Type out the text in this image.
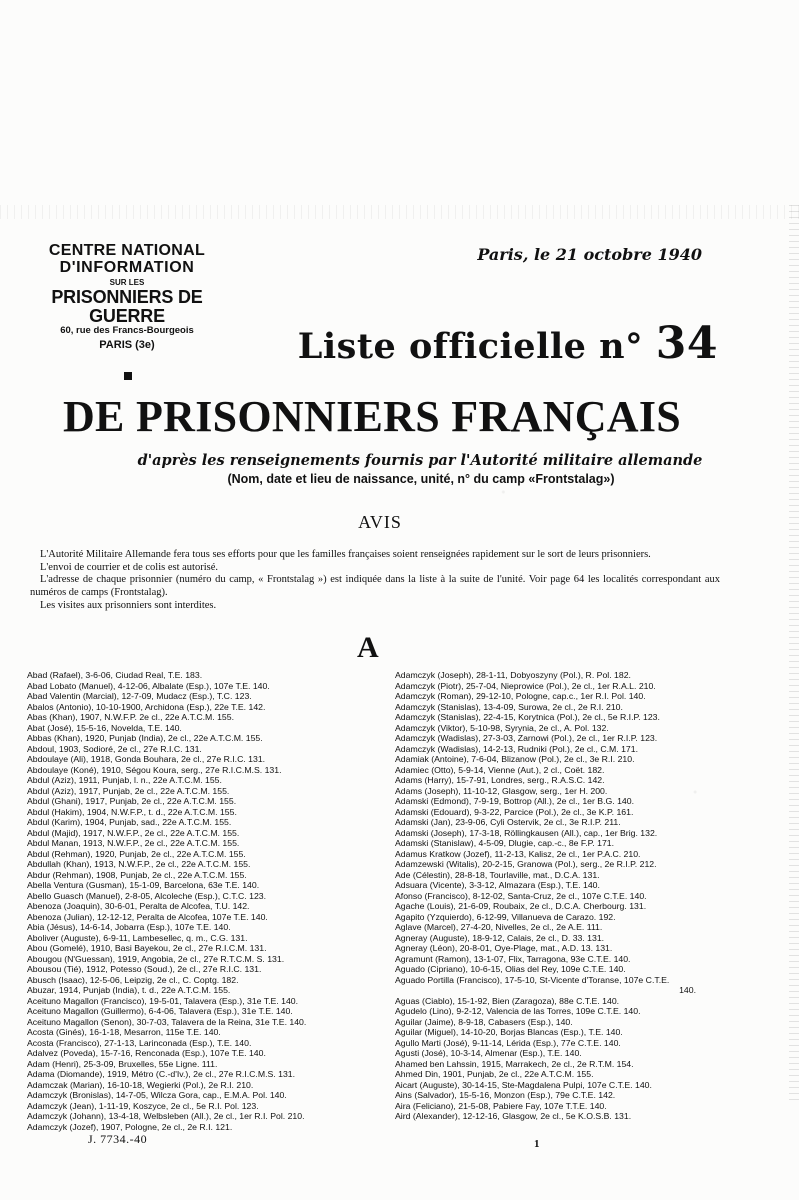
CENTRE NATIONAL
D'INFORMATION
SUR LES
PRISONNIERS DE GUERRE
60, rue des Francs-Bourgeois
PARIS (3e)
Paris, le 21 octobre 1940
Liste officielle n° 34
DE PRISONNIERS FRANÇAIS
d'après les renseignements fournis par l'Autorité militaire allemande
(Nom, date et lieu de naissance, unité, n° du camp «Frontstalag»)
AVIS

L'Autorité Militaire Allemande fera tous ses efforts pour que les familles françaises soient renseignées rapidement sur le sort de leurs prisonniers.

L'envoi de courrier et de colis est autorisé.

L'adresse de chaque prisonnier (numéro du camp, « Frontstalag ») est indiquée dans la liste à la suite de l'unité. Voir page 64 les localités correspondant aux numéros de camps (Frontstalag).

Les visites aux prisonniers sont interdites.

A
Abad (Rafael), 3-6-06, Ciudad Real, T.E. 183.
Abad Lobato (Manuel), 4-12-06, Albalate (Esp.), 107e T.E. 140.
Abad Valentin (Marcial), 12-7-09, Mudacz (Esp.), T.C. 123.
Abalos (Antonio), 10-10-1900, Archidona (Esp.), 22e T.E. 142.
Abas (Khan), 1907, N.W.F.P. 2e cl., 22e A.T.C.M. 155.
Abat (José), 15-5-16, Novelda, T.E. 140.
Abbas (Khan), 1920, Punjab (India), 2e cl., 22e A.T.C.M. 155.
Abdoul, 1903, Sodioré, 2e cl., 27e R.I.C. 131.
Abdoulaye (Ali), 1918, Gonda Bouhara, 2e cl., 27e R.I.C. 131.
Abdoulaye (Koné), 1910, Ségou Koura, serg., 27e R.I.C.M.S. 131.
Abdul (Aziz), 1911, Punjab, l. n., 22e A.T.C.M. 155.
Abdul (Aziz), 1917, Punjab, 2e cl., 22e A.T.C.M. 155.
Abdul (Ghani), 1917, Punjab, 2e cl., 22e A.T.C.M. 155.
Abdul (Hakim), 1904, N.W.F.P., t. d., 22e A.T.C.M. 155.
Abdul (Karim), 1904, Punjab, sad., 22e A.T.C.M. 155.
Abdul (Majid), 1917, N.W.F.P., 2e cl., 22e A.T.C.M. 155.
Abdul Manan, 1913, N.W.F.P., 2e cl., 22e A.T.C.M. 155.
Abdul (Rehman), 1920, Punjab, 2e cl., 22e A.T.C.M. 155.
Abdullah (Khan), 1913, N.W.F.P., 2e cl., 22e A.T.C.M. 155.
Abdur (Rehman), 1908, Punjab, 2e cl., 22e A.T.C.M. 155.
Abella Ventura (Gusman), 15-1-09, Barcelona, 63e T.E. 140.
Abello Guasch (Manuel), 2-8-05, Alcoleche (Esp.), C.T.C. 123.
Abenoza (Joaquin), 30-6-01, Peralta de Alcofea, T.U. 142.
Abenoza (Julian), 12-12-12, Peralta de Alcofea, 107e T.E. 140.
Abia (Jésus), 14-6-14, Jobarra (Esp.), 107e T.E. 140.
Aboliver (Auguste), 6-9-11, Lambesellec, q. m., C.G. 131.
Abou (Gomelé), 1910, Basi Bayekou, 2e cl., 27e R.I.C.M. 131.
Abougou (N'Guessan), 1919, Angobia, 2e cl., 27e R.T.C.M. S. 131.
Abousou (Tié), 1912, Potesso (Soud.), 2e cl., 27e R.I.C. 131.
Abusch (Isaac), 12-5-06, Leipzig, 2e cl., C. Coptg. 182.
Abuzar, 1914, Punjab (India), t. d., 22e A.T.C.M. 155.
Aceituno Magallon (Francisco), 19-5-01, Talavera (Esp.), 31e T.E. 140.
Aceituno Magallon (Guillermo), 6-4-06, Talavera (Esp.), 31e T.E. 140.
Aceituno Magallon (Senon), 30-7-03, Talavera de la Reina, 31e T.E. 140.
Acosta (Ginés), 16-1-18, Mesarron, 115e T.E. 140.
Acosta (Francisco), 27-1-13, Larinconada (Esp.), T.E. 140.
Adalvez (Poveda), 15-7-16, Renconada (Esp.), 107e T.E. 140.
Adam (Henri), 25-3-09, Bruxelles, 55e Ligne. 111.
Adama (Diomande), 1919, Métro (C.-d'Iv.), 2e cl., 27e R.I.C.M.S. 131.
Adamczak (Marian), 16-10-18, Wegierki (Pol.), 2e R.I. 210.
Adamczyk (Bronislas), 14-7-05, Wilcza Gora, cap., E.M.A. Pol. 140.
Adamczyk (Jean), 1-11-19, Koszyce, 2e cl., 5e R.I. Pol. 123.
Adamczyk (Johann), 13-4-18, Welbsleben (All.), 2e cl., 1er R.I. Pol. 210.
Adamczyk (Jozef), 1907, Pologne, 2e cl., 2e R.I. 121.
Adamczyk (Joseph), 28-1-11, Dobyoszyny (Pol.), R. Pol. 182.
Adamczyk (Piotr), 25-7-04, Nieprowice (Pol.), 2e cl., 1er R.A.L. 210.
Adamczyk (Roman), 29-12-10, Pologne, cap.c., 1er R.I. Pol. 140.
Adamczyk (Stanislas), 13-4-09, Surowa, 2e cl., 2e R.I. 210.
Adamczyk (Stanislas), 22-4-15, Korytnica (Pol.), 2e cl., 5e R.I.P. 123.
Adamczyk (Viktor), 5-10-98, Syrynia, 2e cl., A. Pol. 132.
Adamczyk (Wadislas), 27-3-03, Zarnowi (Pol.), 2e cl., 1er R.I.P. 123.
Adamczyk (Wadislas), 14-2-13, Rudniki (Pol.), 2e cl., C.M. 171.
Adamiak (Antoine), 7-6-04, Blizanow (Pol.), 2e cl., 3e R.I. 210.
Adamiec (Otto), 5-9-14, Vienne (Aut.), 2 cl., Coët. 182.
Adams (Harry), 15-7-91, Londres, serg., R.A.S.C. 142.
Adams (Joseph), 11-10-12, Glasgow, serg., 1er H. 200.
Adamski (Edmond), 7-9-19, Bottrop (All.), 2e cl., 1er B.G. 140.
Adamski (Edouard), 9-3-22, Parcice (Pol.), 2e cl., 3e K.P. 161.
Adamski (Jan), 23-9-06, Cyli Ostervik, 2e cl., 3e R.I.P. 211.
Adamski (Joseph), 17-3-18, Röllingkausen (All.), cap., 1er Brig. 132.
Adamski (Stanislaw), 4-5-09, Dlugie, cap.-c., 8e F.P. 171.
Adamus Kratkow (Jozef), 11-2-13, Kalisz, 2e cl., 1er P.A.C. 210.
Adamzewski (Witalis), 20-2-15, Granowa (Pol.), serg., 2e R.I.P. 212.
Ade (Célestin), 28-8-18, Tourlaville, mat., D.C.A. 131.
Adsuara (Vicente), 3-3-12, Almazara (Esp.), T.E. 140.
Afonso (Francisco), 8-12-02, Santa-Cruz, 2e cl., 107e C.T.E. 140.
Agache (Louis), 21-6-09, Roubaix, 2e cl., D.C.A. Cherbourg. 131.
Agapito (Yzquierdo), 6-12-99, Villanueva de Carazo. 192.
Aglave (Marcel), 27-4-20, Nivelles, 2e cl., 2e A.E. 111.
Agneray (Auguste), 18-9-12, Calais, 2e cl., D. 33. 131.
Agneray (Léon), 20-8-01, Oye-Plage, mat., A.D. 13. 131.
Agramunt (Ramon), 13-1-07, Flix, Tarragona, 93e C.T.E. 140.
Aguado (Cipriano), 10-6-15, Olias del Rey, 109e C.T.E. 140.
Aguado Portilla (Francisco), 17-5-10, St-Vicente d'Toranse, 107e C.T.E.
140.
Aguas (Ciablo), 15-1-92, Bien (Zaragoza), 88e C.T.E. 140.
Agudelo (Lino), 9-2-12, Valencia de las Torres, 109e C.T.E. 140.
Aguilar (Jaime), 8-9-18, Cabasers (Esp.), 140.
Aguilar (Miguel), 14-10-20, Borjas Blancas (Esp.), T.E. 140.
Agullo Marti (José), 9-11-14, Lérida (Esp.), 77e C.T.E. 140.
Agusti (José), 10-3-14, Almenar (Esp.), T.E. 140.
Ahamed ben Lahssin, 1915, Marrakech, 2e cl., 2e R.T.M. 154.
Ahmed Din, 1901, Punjab, 2e cl., 22e A.T.C.M. 155.
Aicart (Auguste), 30-14-15, Ste-Magdalena Pulpi, 107e C.T.E. 140.
Ains (Salvador), 15-5-16, Monzon (Esp.), 79e C.T.E. 142.
Aira (Feliciano), 21-5-08, Pabiere Fay, 107e T.T.E. 140.
Aird (Alexander), 12-12-16, Glasgow, 2e cl., 5e K.O.S.B. 131.
J. 7734.-40	1
